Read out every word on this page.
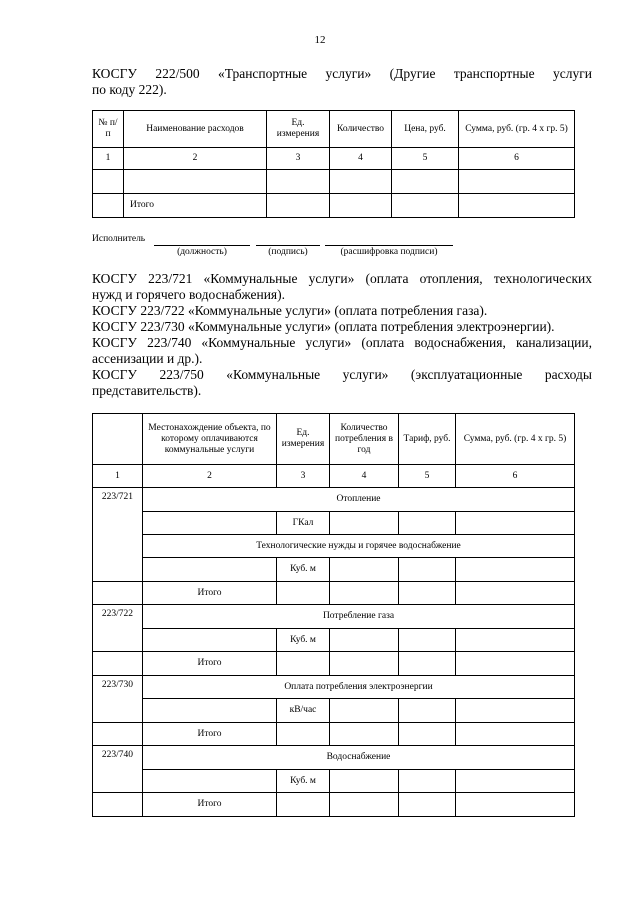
12

КОСГУ 222/500 «Транспортные услуги» (Другие транспортные услуги
по коду 222).

№ п/п	Наименование расходов	Ед. измерения	Количество	Цена, руб.	Сумма, руб. (гр. 4 x гр. 5)
1	2	3	4	5	6

	Итого				
Исполнитель
(должность)	(подпись)	(расшифровка подписи)

КОСГУ 223/721 «Коммунальные услуги» (оплата отопления, технологических
нужд и горячего водоснабжения).
КОСГУ 223/722 «Коммунальные услуги» (оплата потребления газа).
КОСГУ 223/730 «Коммунальные услуги» (оплата потребления электроэнергии).
КОСГУ 223/740 «Коммунальные услуги» (оплата водоснабжения, канализации,
ассенизации и др.).
КОСГУ 223/750 «Коммунальные услуги» (эксплуатационные расходы
представительств).

	Местонахождение объекта, по которому оплачиваются коммунальные услуги	Ед. измерения	Количество потребления в год	Тариф, руб.	Сумма, руб. (гр. 4 x гр. 5)
1	2	3	4	5	6
223/721	Отопление				
		ГКал			
	Технологические нужды и горячее водоснабжение				
		Куб. м			
	Итого				
223/722	Потребление газа				
		Куб. м			
	Итого				
223/730	Оплата потребления электроэнергии				
		кВ/час			
	Итого				
223/740	Водоснабжение				
		Куб. м			
	Итого				
